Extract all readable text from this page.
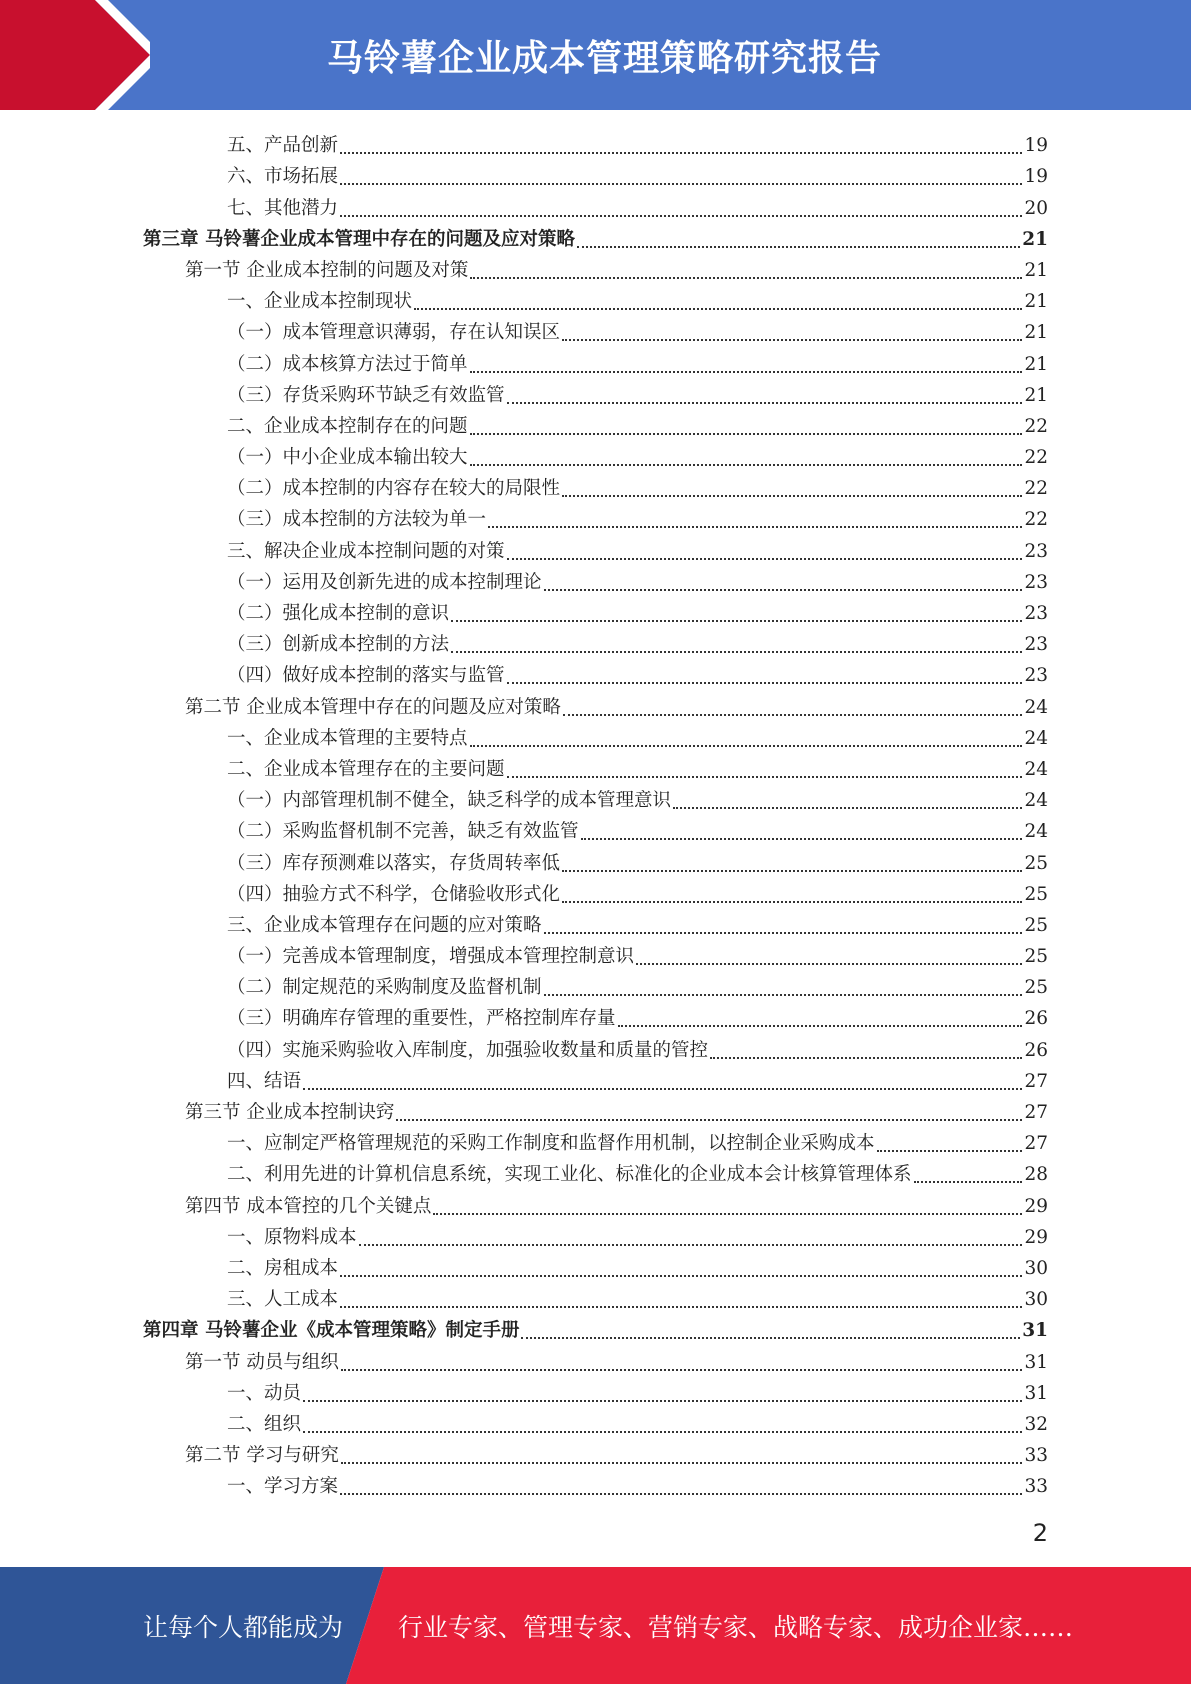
马铃薯企业成本管理策略研究报告
五、产品创新	19
六、市场拓展	19
七、其他潜力	20
第三章 马铃薯企业成本管理中存在的问题及应对策略	21
第一节 企业成本控制的问题及对策	21
一、企业成本控制现状	21
（一）成本管理意识薄弱，存在认知误区	21
（二）成本核算方法过于简单	21
（三）存货采购环节缺乏有效监管	21
二、企业成本控制存在的问题	22
（一）中小企业成本输出较大	22
（二）成本控制的内容存在较大的局限性	22
（三）成本控制的方法较为单一	22
三、解决企业成本控制问题的对策	23
（一）运用及创新先进的成本控制理论	23
（二）强化成本控制的意识	23
（三）创新成本控制的方法	23
（四）做好成本控制的落实与监管	23
第二节 企业成本管理中存在的问题及应对策略	24
一、企业成本管理的主要特点	24
二、企业成本管理存在的主要问题	24
（一）内部管理机制不健全，缺乏科学的成本管理意识	24
（二）采购监督机制不完善，缺乏有效监管	24
（三）库存预测难以落实，存货周转率低	25
（四）抽验方式不科学，仓储验收形式化	25
三、企业成本管理存在问题的应对策略	25
（一）完善成本管理制度，增强成本管理控制意识	25
（二）制定规范的采购制度及监督机制	25
（三）明确库存管理的重要性，严格控制库存量	26
（四）实施采购验收入库制度，加强验收数量和质量的管控	26
四、结语	27
第三节 企业成本控制诀窍	27
一、应制定严格管理规范的采购工作制度和监督作用机制，以控制企业采购成本	27
二、利用先进的计算机信息系统，实现工业化、标准化的企业成本会计核算管理体系	28
第四节 成本管控的几个关键点	29
一、原物料成本	29
二、房租成本	30
三、人工成本	30
第四章 马铃薯企业《成本管理策略》制定手册	31
第一节 动员与组织	31
一、动员	31
二、组织	32
第二节 学习与研究	33
一、学习方案	33
2
让每个人都能成为 行业专家、管理专家、营销专家、战略专家、成功企业家……
